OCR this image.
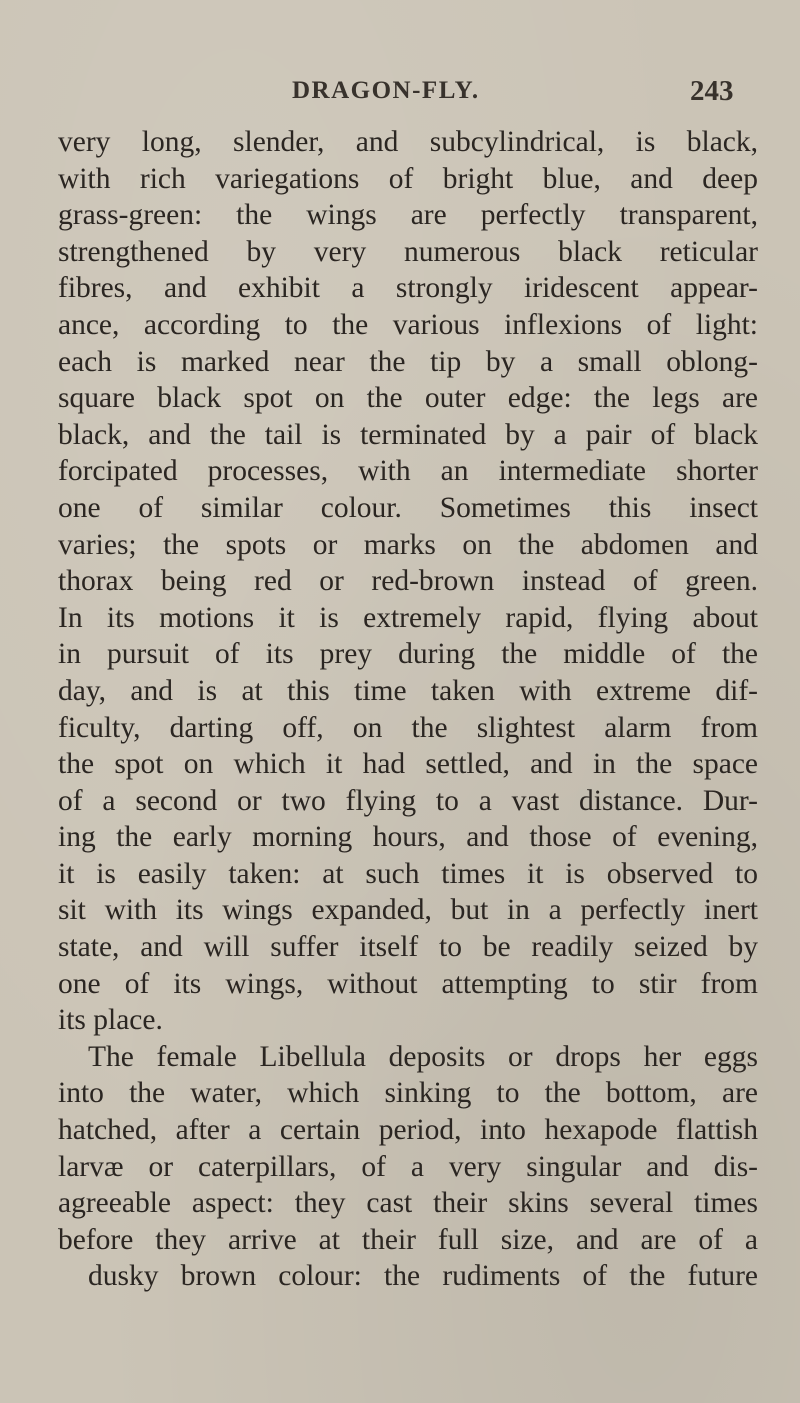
DRAGON-FLY.	243
very long, slender, and subcylindrical, is black,
with rich variegations of bright blue, and deep
grass-green: the wings are perfectly transparent,
strengthened by very numerous black reticular
fibres, and exhibit a strongly iridescent appear-
ance, according to the various inflexions of light:
each is marked near the tip by a small oblong-
square black spot on the outer edge: the legs are
black, and the tail is terminated by a pair of black
forcipated processes, with an intermediate shorter
one of similar colour. Sometimes this insect
varies; the spots or marks on the abdomen and
thorax being red or red-brown instead of green.
In its motions it is extremely rapid, flying about
in pursuit of its prey during the middle of the
day, and is at this time taken with extreme dif-
ficulty, darting off, on the slightest alarm from
the spot on which it had settled, and in the space
of a second or two flying to a vast distance. Dur-
ing the early morning hours, and those of evening,
it is easily taken: at such times it is observed to
sit with its wings expanded, but in a perfectly inert
state, and will suffer itself to be readily seized by
one of its wings, without attempting to stir from
its place.
The female Libellula deposits or drops her eggs
into the water, which sinking to the bottom, are
hatched, after a certain period, into hexapode flattish
larvæ or caterpillars, of a very singular and dis-
agreeable aspect: they cast their skins several times
before they arrive at their full size, and are of a
dusky brown colour: the rudiments of the future
